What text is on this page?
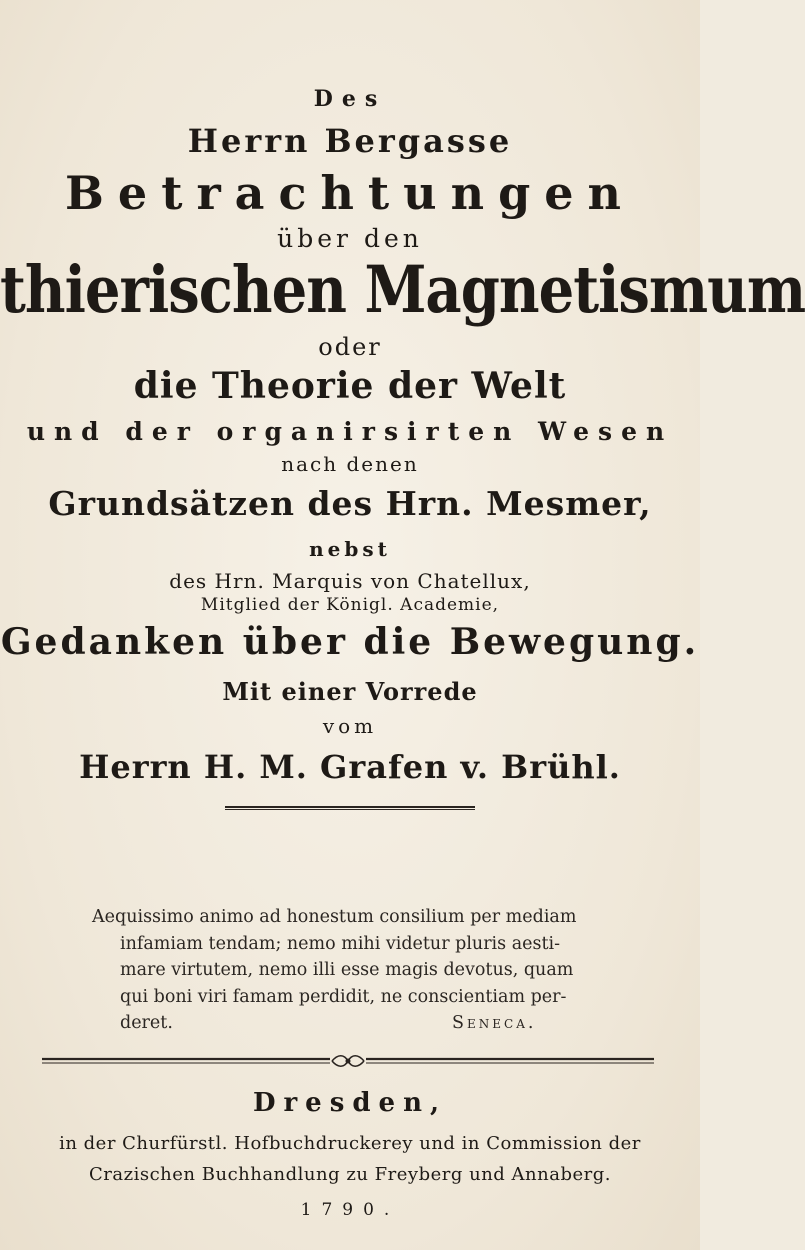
Des
Herrn Bergasse
Betrachtungen
über den
thierischen Magnetismum
oder
die Theorie der Welt
und der organirsirten Wesen
nach denen
Grundsätzen des Hrn. Mesmer,
nebst
des Hrn. Marquis von Chatellux,
Mitglied der Königl. Academie,
Gedanken über die Bewegung.
Mit einer Vorrede
vom
Herrn H. M. Grafen v. Brühl.
Aequissimo animo ad honestum consilium per mediam
infamiam tendam; nemo mihi videtur pluris aesti-
mare virtutem, nemo illi esse magis devotus, quam
qui boni viri famam perdidit, ne conscientiam per-
deret.	Seneca.
Dresden,
in der Churfürstl. Hofbuchdruckerey und in Commission der
Crazischen Buchhandlung zu Freyberg und Annaberg.
1790.
